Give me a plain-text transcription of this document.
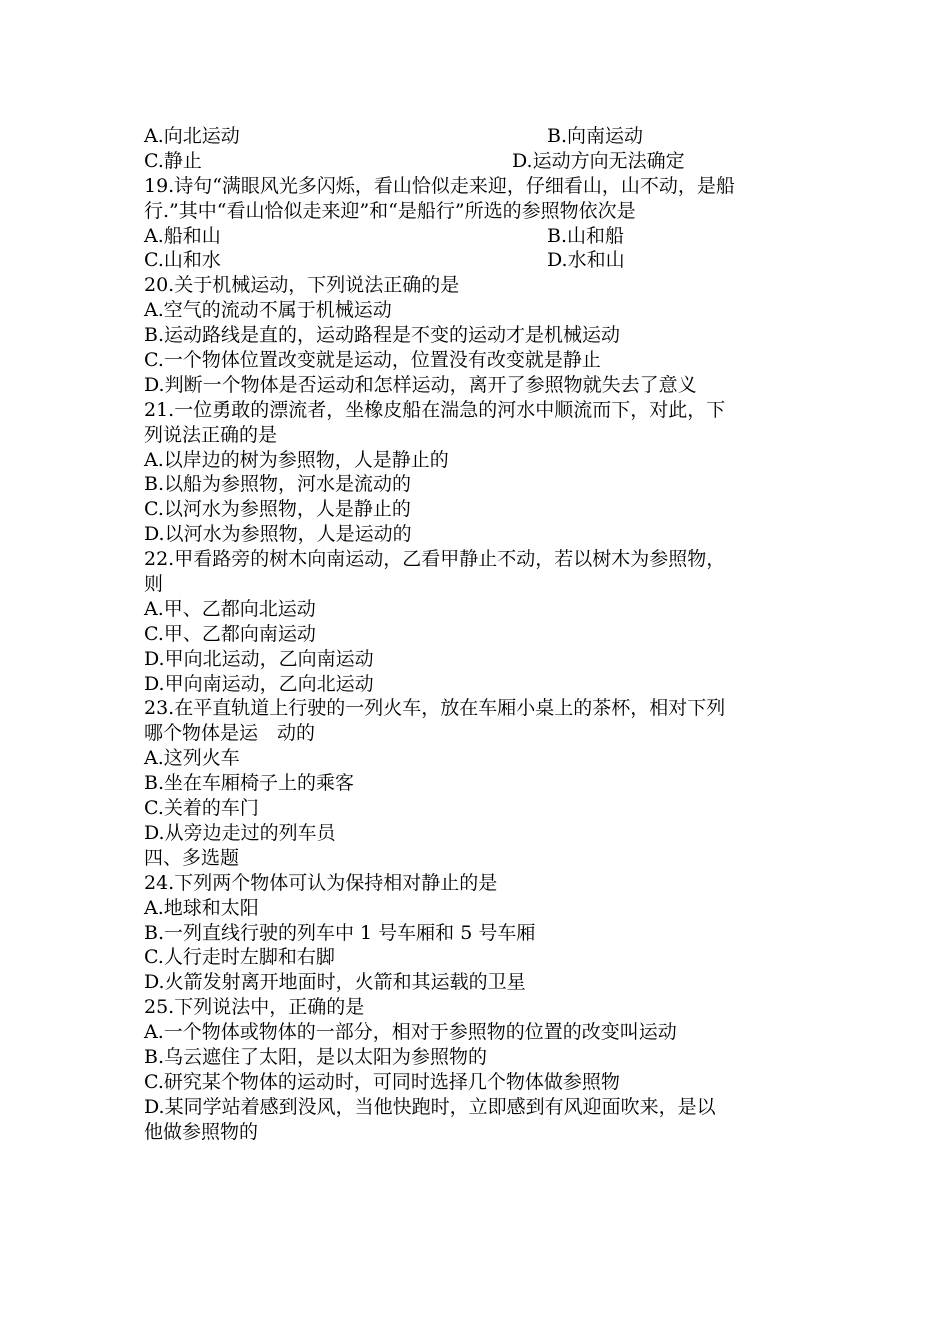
A.向北运动	B.向南运动
C.静止	D.运动方向无法确定
19.诗句“满眼风光多闪烁，看山恰似走来迎，仔细看山，山不动，是船
行.”其中“看山恰似走来迎”和“是船行”所选的参照物依次是
A.船和山	B.山和船
C.山和水	D.水和山
20.关于机械运动，下列说法正确的是
A.空气的流动不属于机械运动
B.运动路线是直的，运动路程是不变的运动才是机械运动
C.一个物体位置改变就是运动，位置没有改变就是静止
D.判断一个物体是否运动和怎样运动，离开了参照物就失去了意义
21.一位勇敢的漂流者，坐橡皮船在湍急的河水中顺流而下，对此，下
列说法正确的是
A.以岸边的树为参照物，人是静止的
B.以船为参照物，河水是流动的
C.以河水为参照物，人是静止的
D.以河水为参照物，人是运动的
22.甲看路旁的树木向南运动，乙看甲静止不动，若以树木为参照物，
则
A.甲、乙都向北运动
C.甲、乙都向南运动
D.甲向北运动，乙向南运动
D.甲向南运动，乙向北运动
23.在平直轨道上行驶的一列火车，放在车厢小桌上的茶杯，相对下列
哪个物体是运　动的
A.这列火车
B.坐在车厢椅子上的乘客
C.关着的车门
D.从旁边走过的列车员
四、多选题
24.下列两个物体可认为保持相对静止的是
A.地球和太阳
B.一列直线行驶的列车中 1 号车厢和 5 号车厢
C.人行走时左脚和右脚
D.火箭发射离开地面时，火箭和其运载的卫星
25.下列说法中，正确的是
A.一个物体或物体的一部分，相对于参照物的位置的改变叫运动
B.乌云遮住了太阳，是以太阳为参照物的
C.研究某个物体的运动时，可同时选择几个物体做参照物
D.某同学站着感到没风，当他快跑时，立即感到有风迎面吹来，是以
他做参照物的
